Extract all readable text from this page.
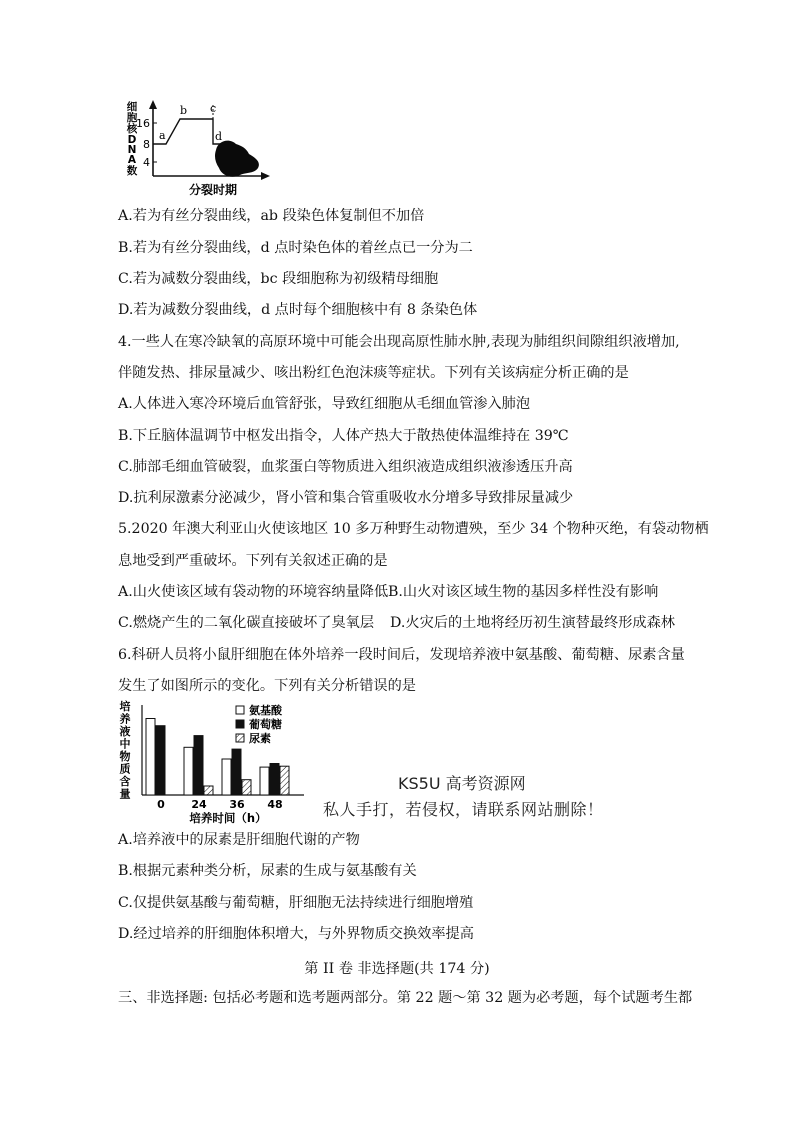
细
胞
核
D
N
A
数
16
8
4
a
b c
d
分裂时期
A.若为有丝分裂曲线，ab 段染色体复制但不加倍
B.若为有丝分裂曲线，d 点时染色体的着丝点已一分为二
C.若为减数分裂曲线，bc 段细胞称为初级精母细胞
D.若为减数分裂曲线，d 点时每个细胞核中有 8 条染色体
4.一些人在寒冷缺氧的高原环境中可能会出现高原性肺水肿,表现为肺组织间隙组织液增加,
伴随发热、排尿量减少、咳出粉红色泡沫痰等症状。下列有关该病症分析正确的是
A.人体进入寒冷环境后血管舒张，导致红细胞从毛细血管渗入肺泡
B.下丘脑体温调节中枢发出指令，人体产热大于散热使体温维持在 39℃
C.肺部毛细血管破裂，血浆蛋白等物质进入组织液造成组织液渗透压升高
D.抗利尿激素分泌减少，肾小管和集合管重吸收水分增多导致排尿量减少
5.2020 年澳大利亚山火使该地区 10 多万种野生动物遭殃，至少 34 个物种灭绝，有袋动物栖
息地受到严重破坏。下列有关叙述正确的是
A.山火使该区域有袋动物的环境容纳量降低 B.山火对该区域生物的基因多样性没有影响
C.燃烧产生的二氧化碳直接破坏了臭氧层 D.火灾后的土地将经历初生演替最终形成森林
6.科研人员将小鼠肝细胞在体外培养一段时间后，发现培养液中氨基酸、葡萄糖、尿素含量
发生了如图所示的变化。下列有关分析错误的是
培
养
液
中
物
质
含
量
0 24 36 48
氨基酸
葡萄糖
尿素
培养时间（h）
KS5U 高考资源网
私人手打，若侵权，请联系网站删除！
A.培养液中的尿素是肝细胞代谢的产物
B.根据元素种类分析，尿素的生成与氨基酸有关
C.仅提供氨基酸与葡萄糖，肝细胞无法持续进行细胞增殖
D.经过培养的肝细胞体积增大，与外界物质交换效率提高
第 II 卷 非选择题(共 174 分)
三、非选择题: 包括必考题和选考题两部分。第 22 题～第 32 题为必考题，每个试题考生都
